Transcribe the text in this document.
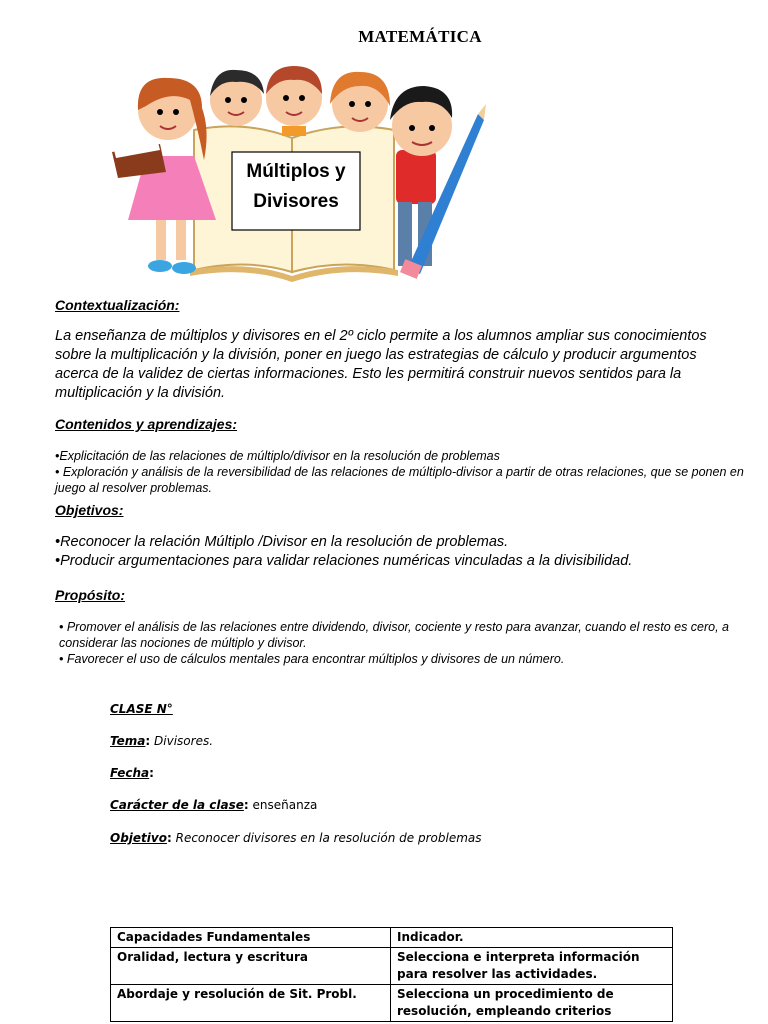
MATEMÁTICA
Múltiplos y
Divisores
Contextualización:
La enseñanza de múltiplos y divisores en el 2º ciclo permite a los alumnos ampliar sus conocimientos sobre la multiplicación y la división, poner en juego las estrategias de cálculo y producir argumentos acerca de la validez de ciertas informaciones. Esto les permitirá construir nuevos sentidos para la multiplicación y la división.
Contenidos y aprendizajes:
•Explicitación de las relaciones de múltiplo/divisor en la resolución de problemas
• Exploración y análisis de la reversibilidad de las relaciones de múltiplo-divisor a partir de otras relaciones, que se ponen en juego al resolver problemas.
Objetivos:
•Reconocer la relación Múltiplo /Divisor en la resolución de problemas.
•Producir argumentaciones para validar relaciones numéricas vinculadas a la divisibilidad.
Propósito:
• Promover el análisis de las relaciones entre dividendo, divisor, cociente y resto para avanzar, cuando el resto es cero, a considerar las nociones de múltiplo y divisor.
• Favorecer el uso de cálculos mentales para encontrar múltiplos y divisores de un número.
CLASE N°
Tema: Divisores.
Fecha:
Carácter de la clase: enseñanza
Objetivo: Reconocer divisores en la resolución de problemas
Capacidades Fundamentales	Indicador.
Oralidad, lectura y escritura	Selecciona e interpreta información para resolver las actividades.
Abordaje y resolución de Sit. Probl.	Selecciona un procedimiento de resolución, empleando criterios
